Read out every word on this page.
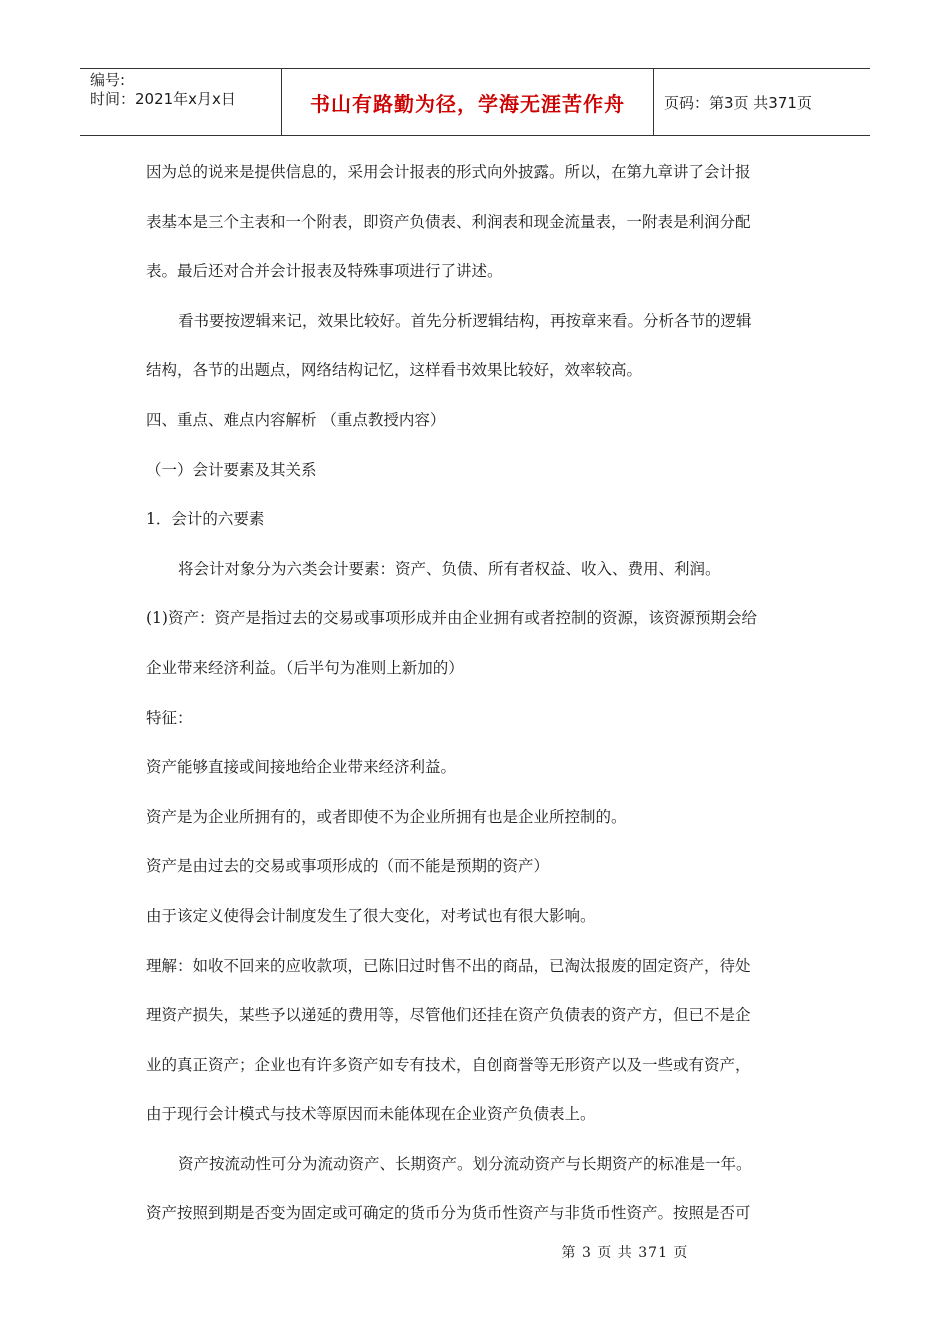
编号:
时间：2021年x月x日	书山有路勤为径，学海无涯苦作舟	页码：第3页 共371页
因为总的说来是提供信息的，采用会计报表的形式向外披露。所以，在第九章讲了会计报
表基本是三个主表和一个附表，即资产负债表、利润表和现金流量表，一附表是利润分配
表。最后还对合并会计报表及特殊事项进行了讲述。
看书要按逻辑来记，效果比较好。首先分析逻辑结构，再按章来看。分析各节的逻辑
结构，各节的出题点，网络结构记忆，这样看书效果比较好，效率较高。
四、重点、难点内容解析 （重点教授内容）
（一）会计要素及其关系
1．会计的六要素
将会计对象分为六类会计要素：资产、负债、所有者权益、收入、费用、利润。
(1)资产：资产是指过去的交易或事项形成并由企业拥有或者控制的资源，该资源预期会给
企业带来经济利益。（后半句为准则上新加的）
特征：
资产能够直接或间接地给企业带来经济利益。
资产是为企业所拥有的，或者即使不为企业所拥有也是企业所控制的。
资产是由过去的交易或事项形成的（而不能是预期的资产）
由于该定义使得会计制度发生了很大变化，对考试也有很大影响。
理解：如收不回来的应收款项，已陈旧过时售不出的商品，已淘汰报废的固定资产，待处
理资产损失，某些予以递延的费用等，尽管他们还挂在资产负债表的资产方，但已不是企
业的真正资产；企业也有许多资产如专有技术，自创商誉等无形资产以及一些或有资产，
由于现行会计模式与技术等原因而未能体现在企业资产负债表上。
资产按流动性可分为流动资产、长期资产。划分流动资产与长期资产的标准是一年。
资产按照到期是否变为固定或可确定的货币分为货币性资产与非货币性资产。按照是否可
第 3 页 共 371 页
